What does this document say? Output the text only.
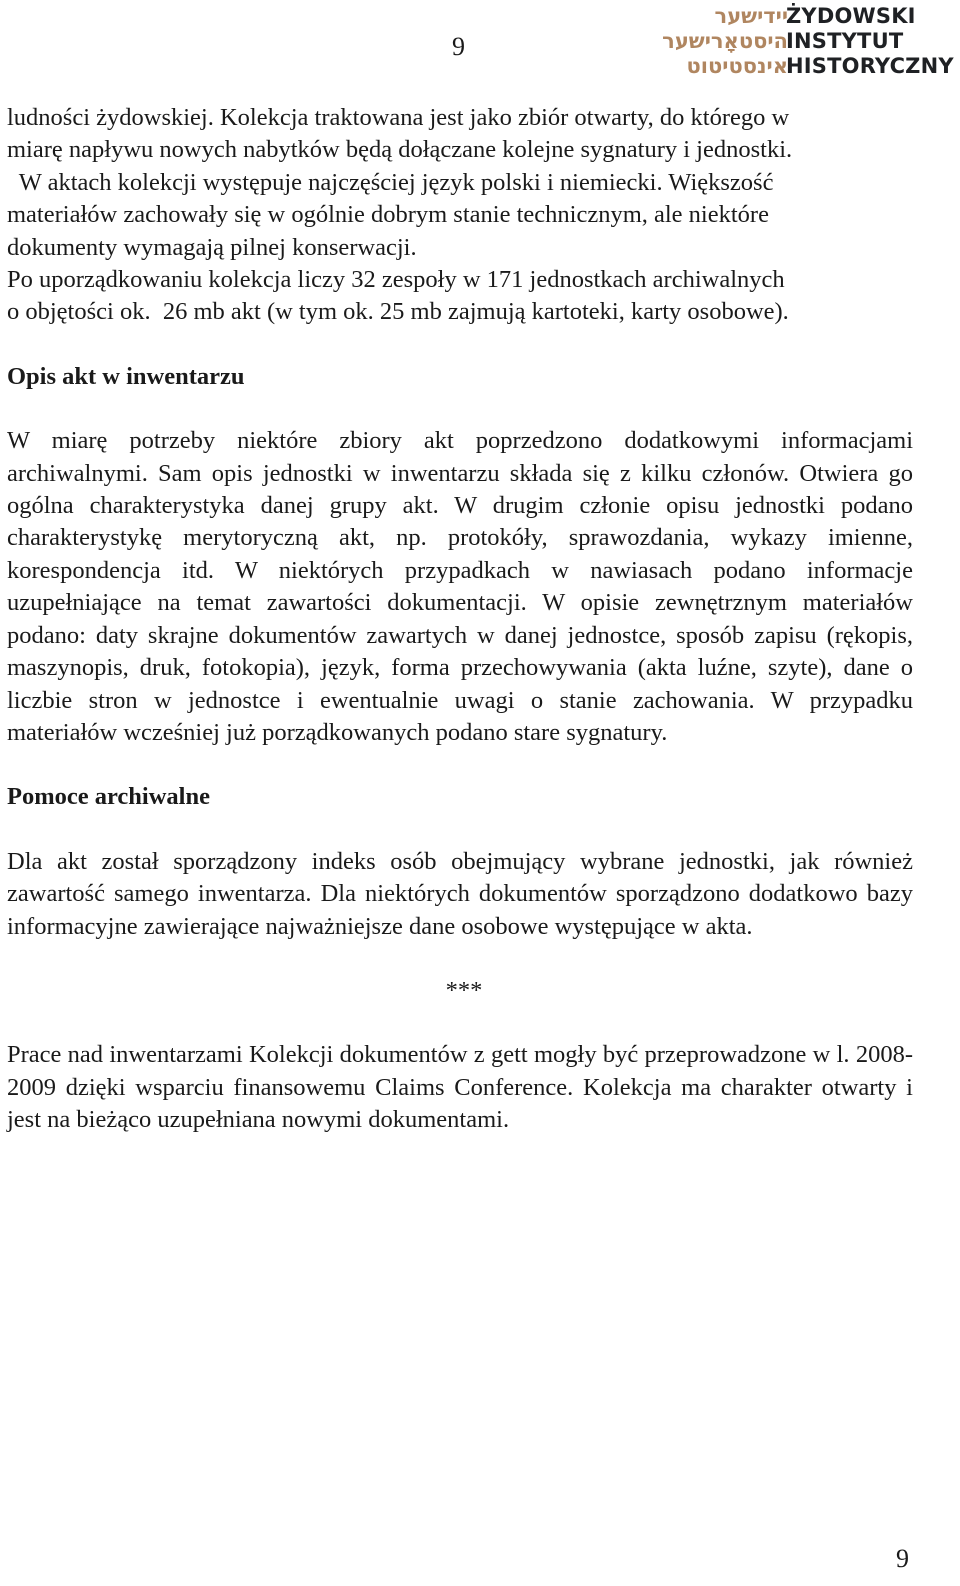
9
יידישער
היסטאָרישער
אינסטיטוט
ŻYDOWSKI
INSTYTUT
HISTORYCZNY
ludności żydowskiej. Kolekcja traktowana jest jako zbiór otwarty, do którego w
miarę napływu nowych nabytków będą dołączane kolejne sygnatury i jednostki.
W aktach kolekcji występuje najczęściej język polski i niemiecki. Większość
materiałów zachowały się w ogólnie dobrym stanie technicznym, ale niektóre
dokumenty wymagają pilnej konserwacji.
Po uporządkowaniu kolekcja liczy 32 zespoły w 171 jednostkach archiwalnych
o objętości ok.  26 mb akt (w tym ok. 25 mb zajmują kartoteki, karty osobowe).

Opis akt w inwentarzu

W miarę potrzeby niektóre zbiory akt poprzedzono dodatkowymi informacjami archiwalnymi. Sam opis jednostki w inwentarzu składa się z kilku członów. Otwiera go ogólna charakterystyka danej grupy akt. W drugim członie opisu jednostki podano charakterystykę merytoryczną akt, np. protokóły, sprawozdania, wykazy imienne, korespondencja itd. W niektórych przypadkach w nawiasach podano informacje uzupełniające na temat zawartości dokumentacji. W opisie zewnętrznym materiałów podano: daty skrajne dokumentów zawartych w danej jednostce, sposób zapisu (rękopis, maszynopis, druk, fotokopia), język, forma przechowywania (akta luźne, szyte), dane o liczbie stron w jednostce i ewentualnie uwagi o stanie zachowania. W przypadku materiałów wcześniej już porządkowanych podano stare sygnatury.

Pomoce archiwalne

Dla akt został sporządzony indeks osób obejmujący wybrane jednostki, jak również zawartość samego inwentarza. Dla niektórych dokumentów sporządzono dodatkowo bazy informacyjne zawierające najważniejsze dane osobowe występujące w akta.

***

Prace nad inwentarzami Kolekcji dokumentów z gett mogły być przeprowadzone w l. 2008-2009 dzięki wsparciu finansowemu Claims Conference. Kolekcja ma charakter otwarty i jest na bieżąco uzupełniana nowymi dokumentami.

9
